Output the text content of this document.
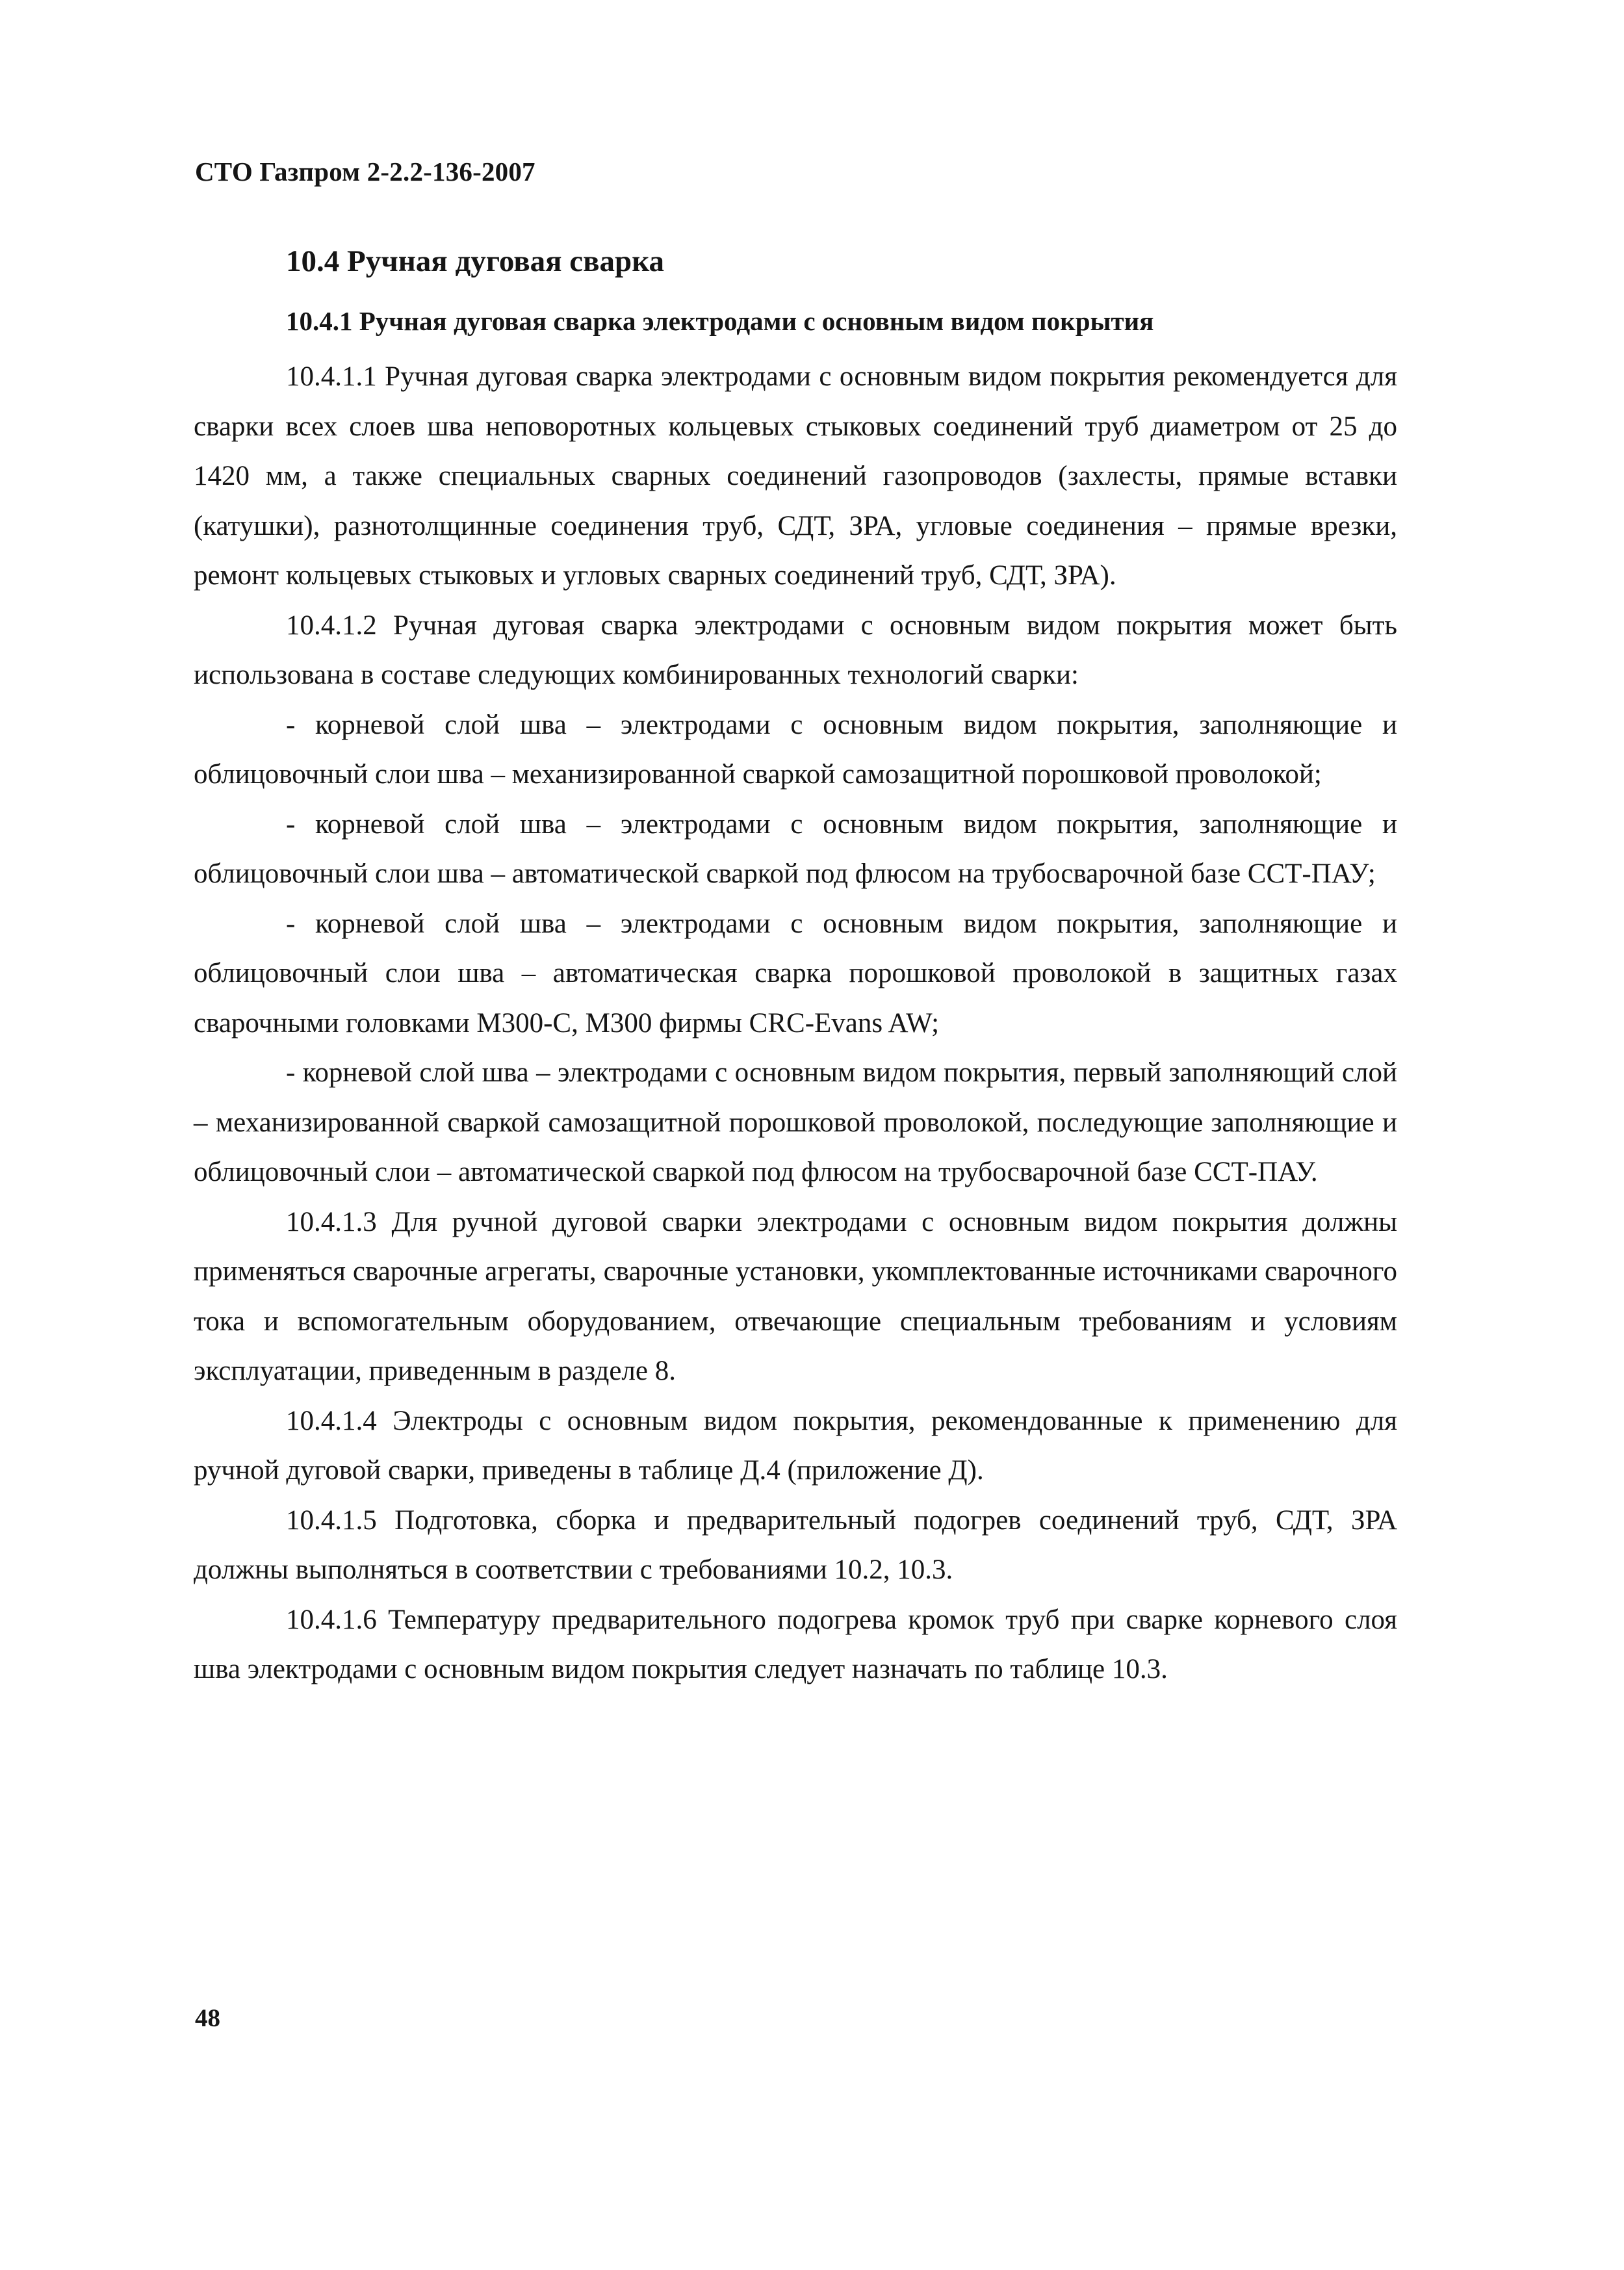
СТО Газпром 2-2.2-136-2007
10.4 Ручная дуговая сварка
10.4.1 Ручная дуговая сварка электродами с основным видом покрытия

10.4.1.1 Ручная дуговая сварка электродами с основным видом покрытия рекомендуется для сварки всех слоев шва неповоротных кольцевых стыковых соединений труб диаметром от 25 до 1420 мм, а также специальных сварных соединений газопроводов (захлесты, прямые вставки (катушки), разнотолщинные соединения труб, СДТ, ЗРА, угловые соединения – прямые врезки, ремонт кольцевых стыковых и угловых сварных соединений труб, СДТ, ЗРА).

10.4.1.2 Ручная дуговая сварка электродами с основным видом покрытия может быть использована в составе следующих комбинированных технологий сварки:

- корневой слой шва – электродами с основным видом покрытия, заполняющие и облицовочный слои шва – механизированной сваркой самозащитной порошковой проволокой;

- корневой слой шва – электродами с основным видом покрытия, заполняющие и облицовочный слои шва – автоматической сваркой под флюсом на трубосварочной базе ССТ-ПАУ;

- корневой слой шва – электродами с основным видом покрытия, заполняющие и облицовочный слои шва – автоматическая сварка порошковой проволокой в защитных газах сварочными головками М300-С, М300 фирмы CRC-Evans AW;

- корневой слой шва – электродами с основным видом покрытия, первый заполняющий слой – механизированной сваркой самозащитной порошковой проволокой, последующие заполняющие и облицовочный слои – автоматической сваркой под флюсом на трубосварочной базе ССТ-ПАУ.

10.4.1.3 Для ручной дуговой сварки электродами с основным видом покрытия должны применяться сварочные агрегаты, сварочные установки, укомплектованные источниками сварочного тока и вспомогательным оборудованием, отвечающие специальным требованиям и условиям эксплуатации, приведенным в разделе 8.

10.4.1.4 Электроды с основным видом покрытия, рекомендованные к применению для ручной дуговой сварки, приведены в таблице Д.4 (приложение Д).

10.4.1.5 Подготовка, сборка и предварительный подогрев соединений труб, СДТ, ЗРА должны выполняться в соответствии с требованиями 10.2, 10.3.

10.4.1.6 Температуру предварительного подогрева кромок труб при сварке корневого слоя шва электродами с основным видом покрытия следует назначать по таблице 10.3.

48
